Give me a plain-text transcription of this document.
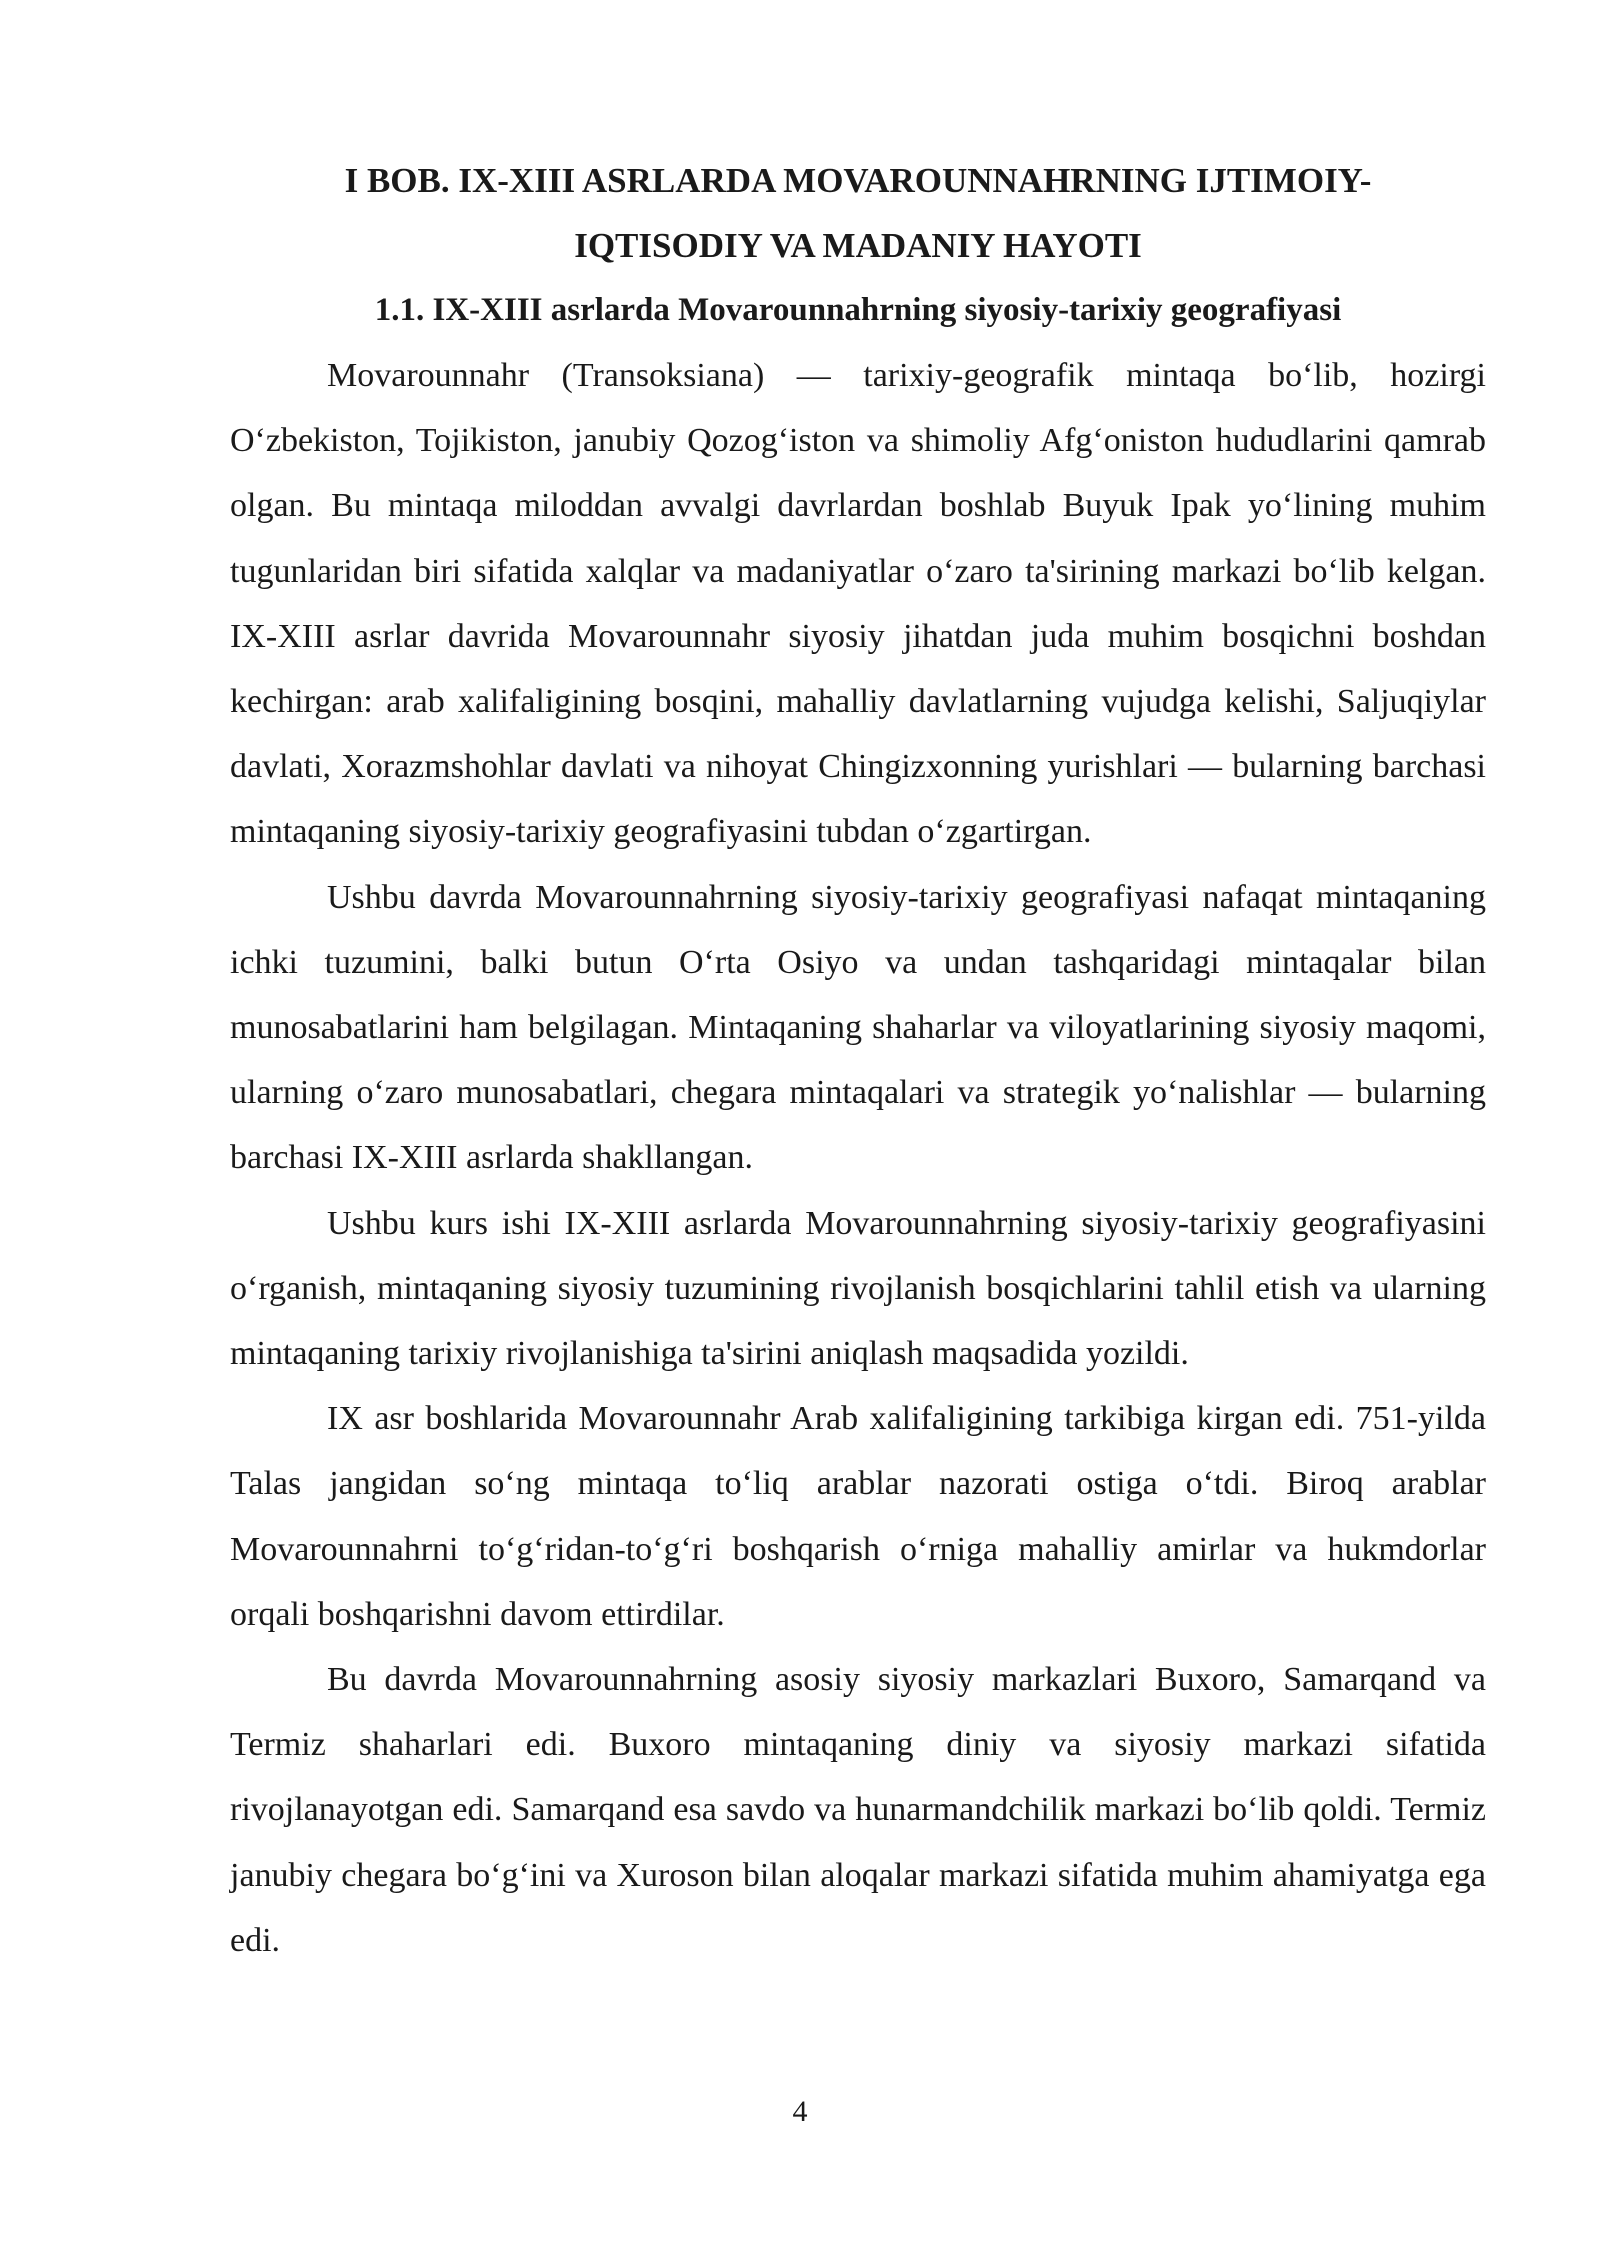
I BOB. IX-XIII ASRLARDA MOVAROUNNAHRNING IJTIMOIY-
IQTISODIY VA MADANIY HAYOTI
1.1. IX-XIII asrlarda Movarounnahrning siyosiy-tarixiy geografiyasi

Movarounnahr (Transoksiana) — tarixiy-geografik mintaqa bo‘lib, hozirgi O‘zbekiston, Tojikiston, janubiy Qozog‘iston va shimoliy Afg‘oniston hududlarini qamrab olgan. Bu mintaqa miloddan avvalgi davrlardan boshlab Buyuk Ipak yo‘lining muhim tugunlaridan biri sifatida xalqlar va madaniyatlar o‘zaro ta'sirining markazi bo‘lib kelgan. IX-XIII asrlar davrida Movarounnahr siyosiy jihatdan juda muhim bosqichni boshdan kechirgan: arab xalifaligining bosqini, mahalliy davlatlarning vujudga kelishi, Saljuqiylar davlati, Xorazmshohlar davlati va nihoyat Chingizxonning yurishlari — bularning barchasi mintaqaning siyosiy-tarixiy geografiyasini tubdan o‘zgartirgan.

Ushbu davrda Movarounnahrning siyosiy-tarixiy geografiyasi nafaqat mintaqaning ichki tuzumini, balki butun O‘rta Osiyo va undan tashqaridagi mintaqalar bilan munosabatlarini ham belgilagan. Mintaqaning shaharlar va viloyatlarining siyosiy maqomi, ularning o‘zaro munosabatlari, chegara mintaqalari va strategik yo‘nalishlar — bularning barchasi IX-XIII asrlarda shakllangan.

Ushbu kurs ishi IX-XIII asrlarda Movarounnahrning siyosiy-tarixiy geografiyasini o‘rganish, mintaqaning siyosiy tuzumining rivojlanish bosqichlarini tahlil etish va ularning mintaqaning tarixiy rivojlanishiga ta'sirini aniqlash maqsadida yozildi.

IX asr boshlarida Movarounnahr Arab xalifaligining tarkibiga kirgan edi. 751-yilda Talas jangidan so‘ng mintaqa to‘liq arablar nazorati ostiga o‘tdi. Biroq arablar Movarounnahrni to‘g‘ridan-to‘g‘ri boshqarish o‘rniga mahalliy amirlar va hukmdorlar orqali boshqarishni davom ettirdilar.

Bu davrda Movarounnahrning asosiy siyosiy markazlari Buxoro, Samarqand va Termiz shaharlari edi. Buxoro mintaqaning diniy va siyosiy markazi sifatida rivojlanayotgan edi. Samarqand esa savdo va hunarmandchilik markazi bo‘lib qoldi. Termiz janubiy chegara bo‘g‘ini va Xuroson bilan aloqalar markazi sifatida muhim ahamiyatga ega edi.

4
